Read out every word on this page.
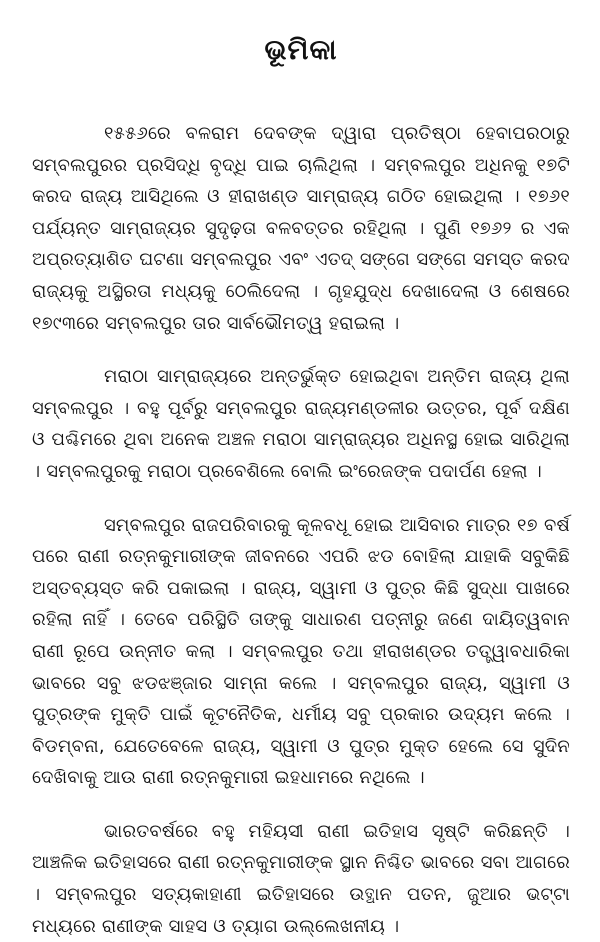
ଭୂମିକା

୧୫୫୬ରେ ବଳରାମ ଦେବଙ୍କ ଦ୍ୱାରା ପ୍ରତିଷ୍ଠା ହେବାପରଠାରୁ ସମ୍ବଲପୁରର ପ୍ରସିଦ୍ଧି ବୃଦ୍ଧି ପାଇ ଚାଲିଥିଲା । ସମ୍ବଲପୁର ଅଧିନକୁ ୧୭ଟି କରଦ ରାଜ୍ୟ ଆସିଥିଲେ ଓ ହୀରାଖଣ୍ଡ ସାମ୍ରାଜ୍ୟ ଗଠିତ ହୋଇଥିଲା । ୧୭୬୧ ପର୍ଯ୍ୟନ୍ତ ସାମ୍ରାଜ୍ୟର ସୁଦୃଢ଼ତା ବଳବତ୍ତର ରହିଥିଲା । ପୁଣି ୧୭୬୨ ର ଏକ ଅପ୍ରତ୍ୟାଶିତ ଘଟଣା ସମ୍ବଲପୁର ଏବଂ ଏତଦ୍ ସଙ୍ଗେ ସଙ୍ଗେ ସମସ୍ତ କରଦ ରାଜ୍ୟକୁ ଅସ୍ଥିରତା ମଧ୍ୟକୁ ଠେଲିଦେଲା । ଗୃହଯୁଦ୍ଧ ଦେଖାଦେଲା ଓ ଶେଷରେ ୧୭୯୩ରେ ସମ୍ବଲପୁର ତାର ସାର୍ବଭୌମତ୍ୱ ହରାଇଲା ।

ମରାଠା ସାମ୍ରାଜ୍ୟରେ ଅନ୍ତର୍ଭୁକ୍ତ ହୋଇଥିବା ଅନ୍ତିମ ରାଜ୍ୟ ଥିଲା ସମ୍ବଲପୁର । ବହୁ ପୂର୍ବରୁ ସମ୍ବଲପୁର ରାଜ୍ୟମଣ୍ଡଳୀର ଉତ୍ତର, ପୂର୍ବ ଦକ୍ଷିଣ ଓ ପଶ୍ଚିମରେ ଥିବା ଅନେକ ଅଞ୍ଚଳ ମରାଠା ସାମ୍ରାଜ୍ୟର ଅଧିନସ୍ଥ ହୋଇ ସାରିଥିଲା । ସମ୍ବଲପୁରକୁ ମରାଠା ପ୍ରବେଶିଲେ ବୋଲି ଇଂରେଜଙ୍କ ପଦାର୍ପଣ ହେଲା ।

ସମ୍ବଲପୁର ରାଜପରିବାରକୁ କୂଳବଧୂ ହୋଇ ଆସିବାର ମାତ୍ର ୧୭ ବର୍ଷ ପରେ ରାଣୀ ରତ୍ନକୁମାରୀଙ୍କ ଜୀବନରେ ଏପରି ଝଡ ବୋହିଲା ଯାହାକି ସବୁକିଛି ଅସ୍ତବ୍ୟସ୍ତ କରି ପକାଇଲା । ରାଜ୍ୟ, ସ୍ୱାମୀ ଓ ପୁତ୍ର କିଛି ସୁଦ୍ଧା ପାଖରେ ରହିଲା ନାହିଁ । ତେବେ ପରିସ୍ଥିତି ତାଙ୍କୁ ସାଧାରଣ ପତ୍ନୀରୁ ଜଣେ ଦାୟିତ୍ୱବାନ ରାଣୀ ରୂପେ ଉନ୍ନୀତ କଲା । ସମ୍ବଲପୁର ତଥା ହୀରାଖଣ୍ଡର ତତ୍ତ୍ୱାବଧାରିକା ଭାବରେ ସବୁ ଝଡଝଞ୍ଜାର ସାମ୍ନା କଲେ । ସମ୍ବଲପୁର ରାଜ୍ୟ, ସ୍ୱାମୀ ଓ ପୁତ୍ରଙ୍କ ମୁକ୍ତି ପାଇଁ କୂଟନୈତିକ, ଧର୍ମୀୟ ସବୁ ପ୍ରକାର ଉଦ୍ୟମ କଲେ । ବିଡମ୍ବନା, ଯେତେବେଳେ ରାଜ୍ୟ, ସ୍ୱାମୀ ଓ ପୁତ୍ର ମୁକ୍ତ ହେଲେ ସେ ସୁଦିନ ଦେଖିବାକୁ ଆଉ ରାଣୀ ରତ୍ନକୁମାରୀ ଇହଧାମରେ ନଥିଲେ ।

ଭାରତବର୍ଷରେ ବହୁ ମହିୟସୀ ରାଣୀ ଇତିହାସ ସୃଷ୍ଟି କରିଛନ୍ତି । ଆଞ୍ଚଳିକ ଇତିହାସରେ ରାଣୀ ରତ୍ନକୁମାରୀଙ୍କ ସ୍ଥାନ ନିଶ୍ଚିତ ଭାବରେ ସବା ଆଗରେ । ସମ୍ବଲପୁର ସତ୍ୟକାହାଣୀ ଇତିହାସରେ ଉତ୍ଥାନ ପତନ, ଜୁଆର ଭଟ୍ଟା ମଧ୍ୟରେ ରାଣୀଙ୍କ ସାହସ ଓ ତ୍ୟାଗ ଉଲ୍ଲେଖନୀୟ ।
